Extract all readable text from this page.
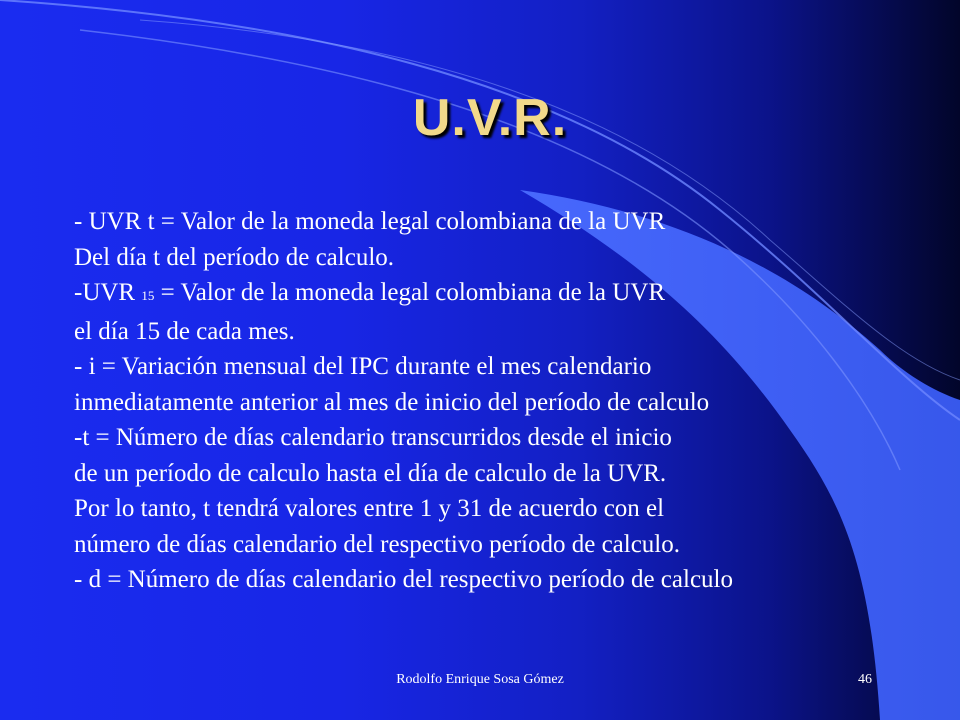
U.V.R.
- UVR t = Valor de la moneda legal colombiana de la UVR
Del día t del período de calculo.
-UVR 15 = Valor de la moneda legal colombiana de la UVR
el día 15 de cada mes.
- i = Variación mensual del IPC durante el mes calendario
inmediatamente anterior al mes de inicio del período de calculo
-t = Número de días calendario transcurridos desde el inicio
de un período de calculo hasta el día de calculo de la UVR.
Por lo tanto, t tendrá valores entre 1 y 31 de acuerdo con el
número de días calendario del respectivo período de calculo.
- d = Número de días calendario del respectivo período de calculo
Rodolfo Enrique Sosa Gómez	46
